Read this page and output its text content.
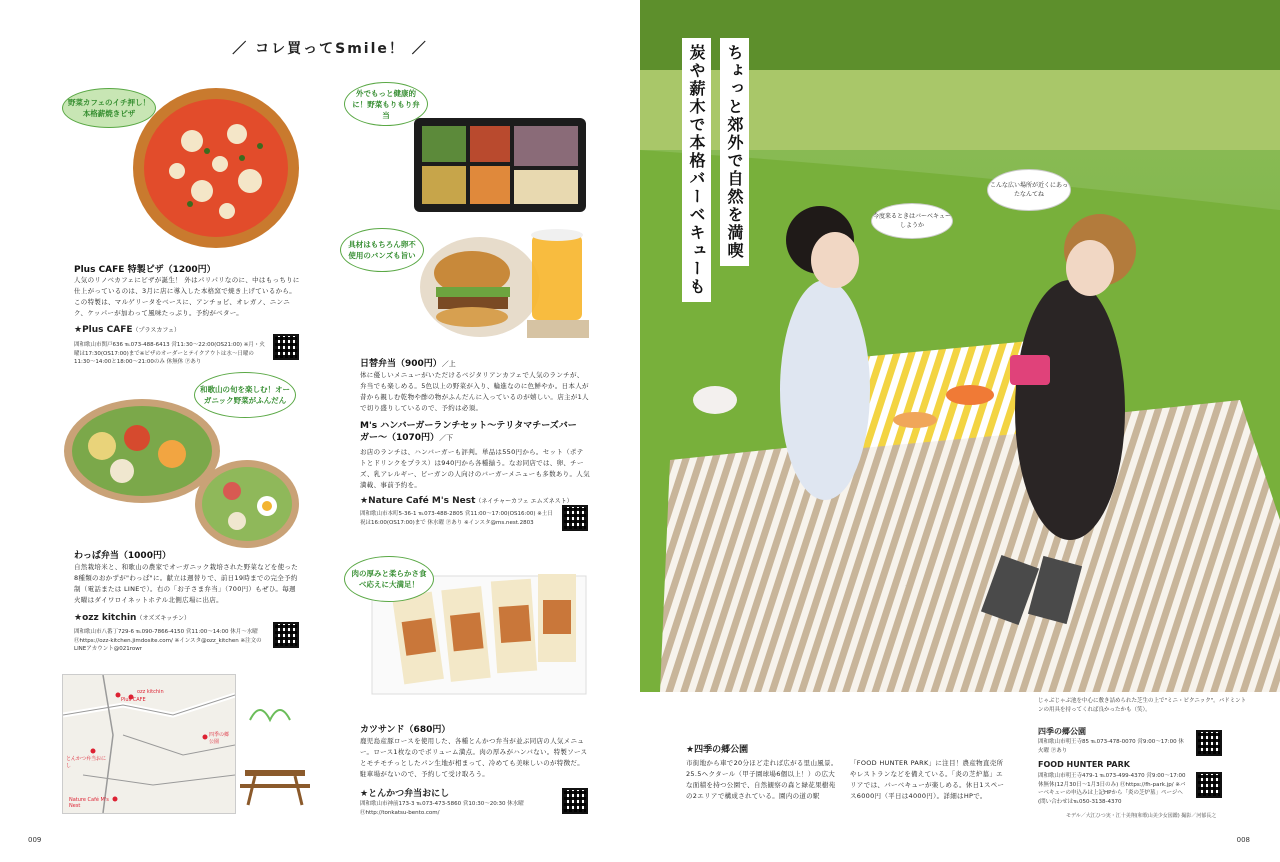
／ コレ買ってSmile！ ／
野菜カフェのイチ押し！本格薪焼きピザ
Plus CAFE 特製ピザ（1200円）
人気のリノベカフェにピザが誕生！ 外はパリパリなのに、中はもっちりに仕上がっているのは、3月に店に導入した本格窯で焼き上げているから。この特製は、マルゲリータをベースに、アンチョビ、オレガノ、ニンニク、ケッパーが加わって風味たっぷり。予約がベター。
★Plus CAFE（プラスカフェ）
囲和歌山市関戸636 ℡073-488-6413 営11:30〜22:00(OS21:00) ※月・火曜は17:30(OS17:00)まで※ピザのオーダーとテイクアウトは水〜日曜の11:30〜14:00と18:00〜21:00のみ 休無休 Ⓟあり
和歌山の旬を楽しむ！オーガニック野菜がふんだん
わっぱ弁当（1000円）
自然栽培米と、和歌山の農家でオーガニック栽培された野菜などを使った8種類のおかずが"わっぱ"に。献立は週替りで、前日19時までの完全予約制（電話または LINEで）。右の「お子さま弁当」（700円）もぜひ。毎週火曜はダイワロイネットホテル北側広場に出店。
★ozz kitchin（オズズキッチン）
囲和歌山市八番丁729-6 ℡090-7866-4150 営11:00〜14:00 休月〜水曜 Ⓗhttps://ozz-kitchen.jimdosite.com/ ※インスタ@ozz_kitchen ※注文のLINEアカウント@021rowr
Plus CAFE
ozz kitchin
四季の郷公園
とんかつ弁当おにし
Nature Café M's Nest
外でもっと健康的に！野菜もりもり弁当
具材はもちろん卵不使用のバンズも旨い
日替弁当（900円）／上
体に優しいメニューがいただけるベジタリアンカフェで人気のランチが、弁当でも楽しめる。5色以上の野菜が入り、輪進なのに色鮮やか。日本人が昔から親しむ乾物や酢の物がふんだんに入っているのが嬉しい。店主が1人で切り盛りしているので、予約は必須。
M's ハンバーガーランチセット〜テリタマチーズバーガー〜（1070円）／下
お店のランチは、ハンバーガーも評判。単品は550円から。セット（ポテトとドリンクをプラス）は940円から各種揃う。なお同店では、卵、チーズ、乳アレルギー、ビーガンの人向けのバーガーメニューも多数あり。人気満載、事前予約を。
★Nature Café M's Nest（ネイチャーカフェ エムズネスト）
囲和歌山市本町5-36-1 ℡073-488-2805 営11:00〜17:00(OS16:00) ※土日祝は16:00(OS17:00)まで 休水曜 Ⓟあり ※インスタ@ms.nest.2803
肉の厚みと柔らかさ食べ応えに大満足！
カツサンド（680円）
鹿児島産豚ロースを使用した、各種とんかつ弁当が並ぶ同店の人気メニュー。ロース1枚なのでボリューム満点。肉の厚みがハンバない。特製ソースとモチモチっとしたパン生地が相まって、冷めても美味しいのが特徴だ。駐車場がないので、予約して受け取ろう。
★とんかつ弁当おにし
囲和歌山市神前173-3 ℡073-473-5860 営10:30〜20:30 休水曜 Ⓗhttp://tonkatsu-bento.com/
009
ちょっと郊外で自然を満喫
炭や薪木で本格バーベキューも	こんな広い場所が近くにあったなんてね
今度来るときはバーベキューしようか
じゃぶじゃぶ池を中心に敷き詰められた芝生の上で"ミニ・ピクニック"。バドミントンの用具を持ってくれば良かったかも（笑）。
★四季の郷公園
市街地から車で20分ほど走れば広がる里山風景。25.5ヘクタール（甲子園球場6個以上！）の広大な面積を持つ公園で、自然観察の森と緑花果樹苑の2エリアで構成されている。園内の道の駅
「FOOD HUNTER PARK」に注目！農産物直売所やレストランなどを備えている。「炎の芝炉墓」エリアでは、バーベキューが楽しめる。休日1スペース6000円（平日は4000円）。詳細はHPで。
四季の郷公園
囲和歌山市明王寺85 ℡073-478-0070 営9:00〜17:00 休火曜 Ⓟあり
FOOD HUNTER PARK
囲和歌山市明王寺479-1 ℡073-499-4370 営9:00〜17:00 休無休(12月30日〜1月3日のみ) Ⓗhttps://fh-park.jp/ ※バーベキューの申込みは上記HPから「炎の芝炉墓」ページへ(問い合わせは℡050-3138-4370
モデル／大江ひつ実・江十美翔(和歌山美少女図鑑) 撮影／河郁長之
008
